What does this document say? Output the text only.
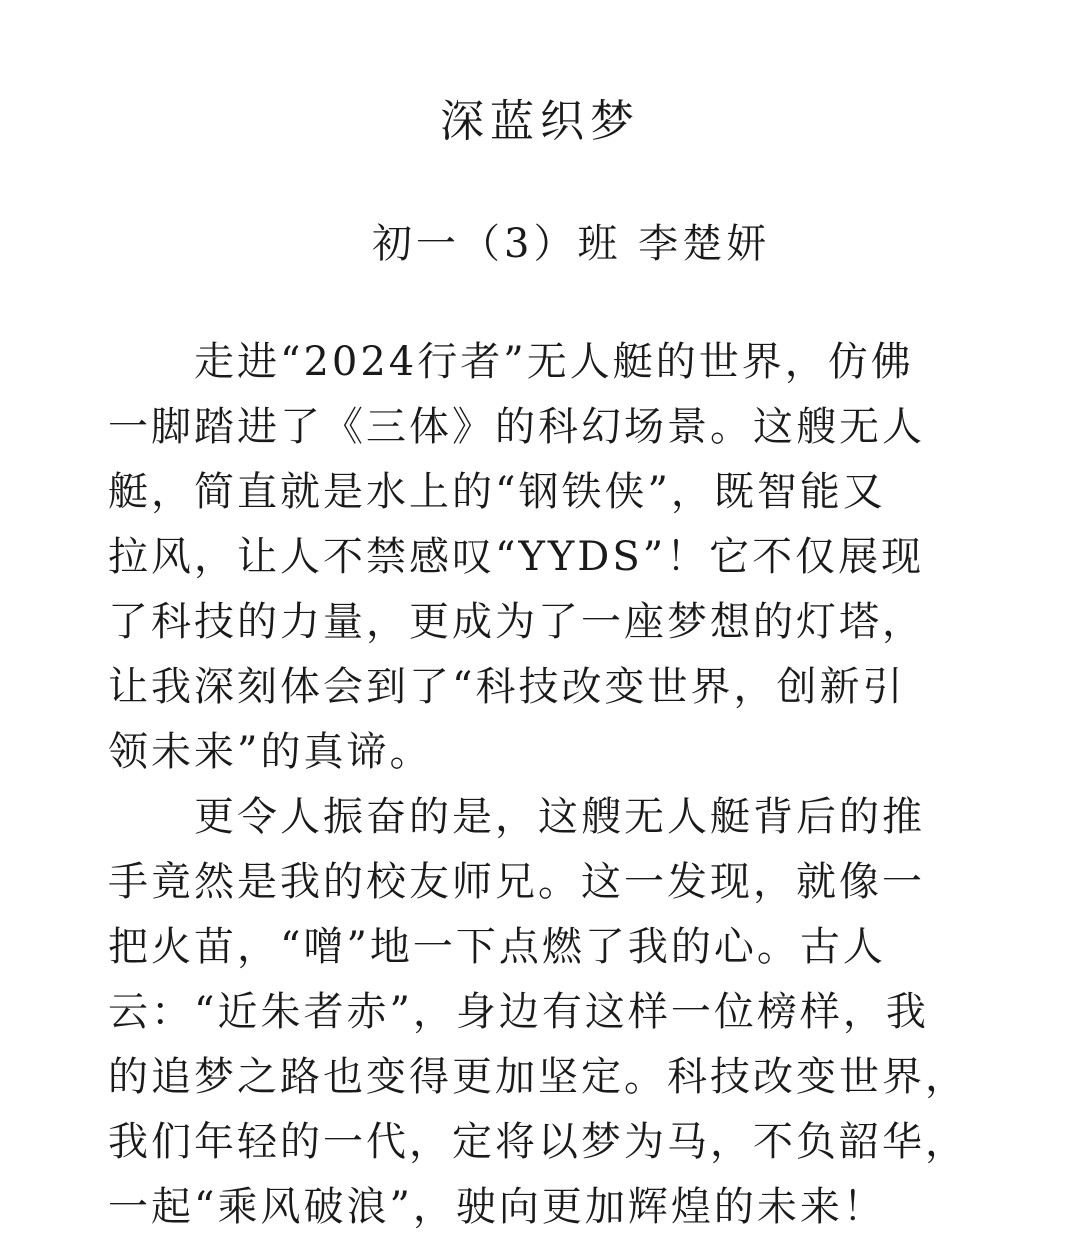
深蓝织梦
初一（3）班 李楚妍
　　走进“2024行者”无人艇的世界，仿佛
一脚踏进了《三体》的科幻场景。这艘无人
艇，简直就是水上的“钢铁侠”，既智能又
拉风，让人不禁感叹“YYDS”！它不仅展现
了科技的力量，更成为了一座梦想的灯塔，
让我深刻体会到了“科技改变世界，创新引
领未来”的真谛。
　　更令人振奋的是，这艘无人艇背后的推
手竟然是我的校友师兄。这一发现，就像一
把火苗，“噌”地一下点燃了我的心。古人
云：“近朱者赤”，身边有这样一位榜样，我
的追梦之路也变得更加坚定。科技改变世界，
我们年轻的一代，定将以梦为马，不负韶华，
一起“乘风破浪”，驶向更加辉煌的未来！
